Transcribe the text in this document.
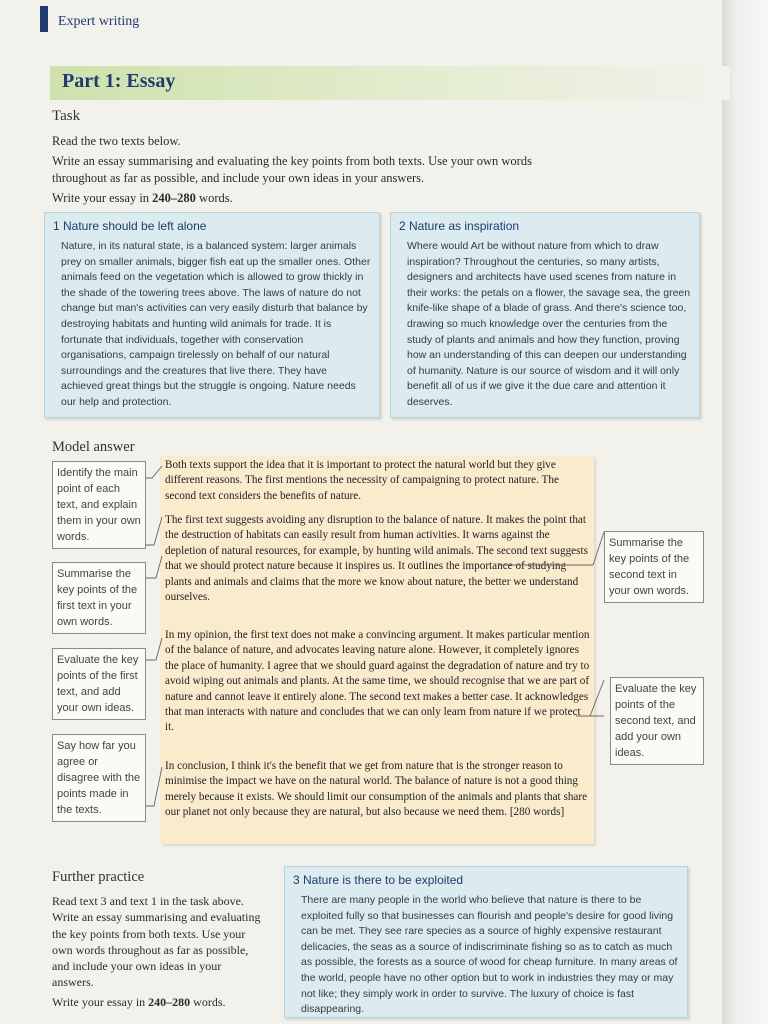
Expert writing
Part 1: Essay
Task

Read the two texts below.

Write an essay summarising and evaluating the key points from both texts. Use your own words throughout as far as possible, and include your own ideas in your answers.

Write your essay in 240–280 words.

1 Nature should be left alone
Nature, in its natural state, is a balanced system: larger animals prey on smaller animals, bigger fish eat up the smaller ones. Other animals feed on the vegetation which is allowed to grow thickly in the shade of the towering trees above. The laws of nature do not change but man's activities can very easily disturb that balance by destroying habitats and hunting wild animals for trade. It is fortunate that individuals, together with conservation organisations, campaign tirelessly on behalf of our natural surroundings and the creatures that live there. They have achieved great things but the struggle is ongoing. Nature needs our help and protection.
2 Nature as inspiration
Where would Art be without nature from which to draw inspiration? Throughout the centuries, so many artists, designers and architects have used scenes from nature in their works: the petals on a flower, the savage sea, the green knife-like shape of a blade of grass. And there's science too, drawing so much knowledge over the centuries from the study of plants and animals and how they function, proving how an understanding of this can deepen our understanding of humanity. Nature is our source of wisdom and it will only benefit all of us if we give it the due care and attention it deserves.
Model answer

Both texts support the idea that it is important to protect the natural world but they give different reasons. The first mentions the necessity of campaigning to protect nature. The second text considers the benefits of nature.

The first text suggests avoiding any disruption to the balance of nature. It makes the point that the destruction of habitats can easily result from human activities. It warns against the depletion of natural resources, for example, by hunting wild animals. The second text suggests that we should protect nature because it inspires us. It outlines the importance of studying plants and animals and claims that the more we know about nature, the better we understand ourselves.

In my opinion, the first text does not make a convincing argument. It makes particular mention of the balance of nature, and advocates leaving nature alone. However, it completely ignores the place of humanity. I agree that we should guard against the degradation of nature and try to avoid wiping out animals and plants. At the same time, we should recognise that we are part of nature and cannot leave it entirely alone. The second text makes a better case. It acknowledges that man interacts with nature and concludes that we can only learn from nature if we protect it.

In conclusion, I think it's the benefit that we get from nature that is the stronger reason to minimise the impact we have on the natural world. The balance of nature is not a good thing merely because it exists. We should limit our consumption of the animals and plants that share our planet not only because they are natural, but also because we need them. [280 words]

Identify the main point of each text, and explain them in your own words.
Summarise the key points of the first text in your own words.
Evaluate the key points of the first text, and add your own ideas.
Say how far you agree or disagree with the points made in the texts.
Summarise the key points of the second text in your own words.
Evaluate the key points of the second text, and add your own ideas.
Further practice

Read text 3 and text 1 in the task above. Write an essay summarising and evaluating the key points from both texts. Use your own words throughout as far as possible, and include your own ideas in your answers.

Write your essay in 240–280 words.

3 Nature is there to be exploited
There are many people in the world who believe that nature is there to be exploited fully so that businesses can flourish and people's desire for good living can be met. They see rare species as a source of highly expensive restaurant delicacies, the seas as a source of indiscriminate fishing so as to catch as much as possible, the forests as a source of wood for cheap furniture. In many areas of the world, people have no other option but to work in industries they may or may not like; they simply work in order to survive. The luxury of choice is fast disappearing.
